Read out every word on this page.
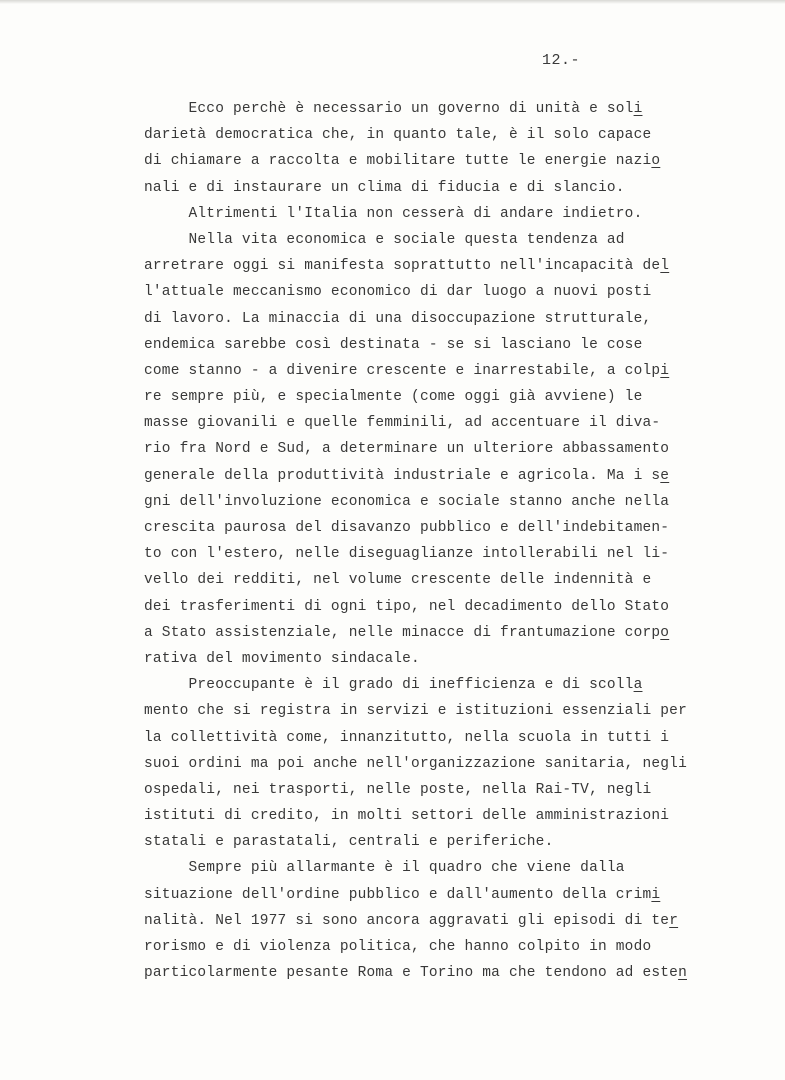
12.-
Ecco perchè è necessario un governo di unità e soli
darietà democratica che, in quanto tale, è il solo capace
di chiamare a raccolta e mobilitare tutte le energie nazio
nali e di instaurare un clima di fiducia e di slancio.
Altrimenti l'Italia non cesserà di andare indietro.
Nella vita economica e sociale questa tendenza ad
arretrare oggi si manifesta soprattutto nell'incapacità del
l'attuale meccanismo economico di dar luogo a nuovi posti
di lavoro. La minaccia di una disoccupazione strutturale,
endemica sarebbe così destinata - se si lasciano le cose
come stanno - a divenire crescente e inarrestabile, a colpi
re sempre più, e specialmente (come oggi già avviene) le
masse giovanili e quelle femminili, ad accentuare il diva-
rio fra Nord e Sud, a determinare un ulteriore abbassamento
generale della produttività industriale e agricola. Ma i se
gni dell'involuzione economica e sociale stanno anche nella
crescita paurosa del disavanzo pubblico e dell'indebitamen-
to con l'estero, nelle diseguaglianze intollerabili nel li-
vello dei redditi, nel volume crescente delle indennità e
dei trasferimenti di ogni tipo, nel decadimento dello Stato
a Stato assistenziale, nelle minacce di frantumazione corpo
rativa del movimento sindacale.
Preoccupante è il grado di inefficienza e di scolla
mento che si registra in servizi e istituzioni essenziali per
la collettività come, innanzitutto, nella scuola in tutti i
suoi ordini ma poi anche nell'organizzazione sanitaria, negli
ospedali, nei trasporti, nelle poste, nella Rai-TV, negli
istituti di credito, in molti settori delle amministrazioni
statali e parastatali, centrali e periferiche.
Sempre più allarmante è il quadro che viene dalla
situazione dell'ordine pubblico e dall'aumento della crimi
nalità. Nel 1977 si sono ancora aggravati gli episodi di ter
rorismo e di violenza politica, che hanno colpito in modo
particolarmente pesante Roma e Torino ma che tendono ad esten
